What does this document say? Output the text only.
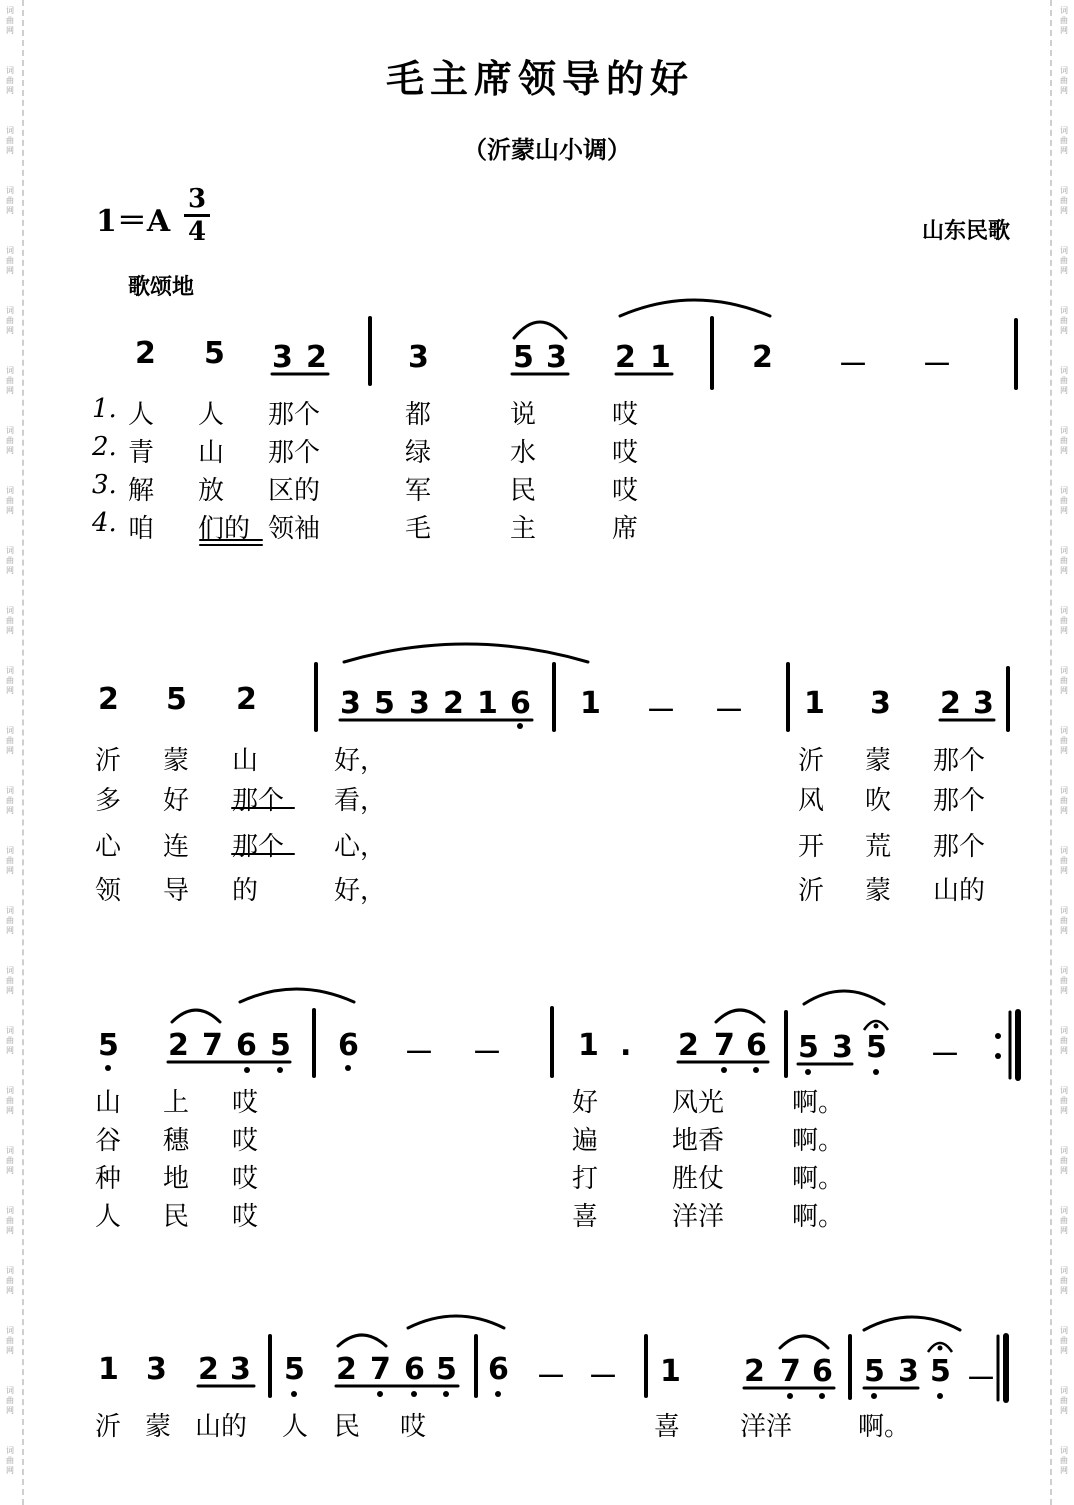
词
曲
网
词
曲
网
词
曲
网
词
曲
网
词
曲
网
词
曲
网
词
曲
网
词
曲
网
词
曲
网
词
曲
网
词
曲
网
词
曲
网
词
曲
网
词
曲
网
词
曲
网
词
曲
网
词
曲
网
词
曲
网
词
曲
网
词
曲
网
词
曲
网
词
曲
网
词
曲
网
词
曲
网
词
曲
网
词
曲
网
词
曲
网
词
曲
网
词
曲
网
词
曲
网
词
曲
网
词
曲
网
词
曲
网
词
曲
网
词
曲
网
词
曲
网
词
曲
网
词
曲
网
词
曲
网
词
曲
网
词
曲
网
词
曲
网
词
曲
网
词
曲
网
词
曲
网
词
曲
网
词
曲
网
词
曲
网
词
曲
网
词
曲
网
毛主席领导的好
（沂蒙山小调）
1＝A
3
4	山东民歌
歌颂地
2 5 3 2	3	5 3 2 1	2 － －
1. 人 人 那个	都	说	哎
2. 青 山 那个	绿	水	哎
3. 解 放 区的	军	民	哎
4. 咱 们的 领袖	毛	主	席
2 5 2	3 5 3 2 1 6 1 － － 1 3 2 3
沂 蒙 山	好，	沂 蒙 那个
多 好 那个 看，	风 吹 那个
心 连 那个 心，	开 荒 那个
领 导 的	好，	沂 蒙 山的
5 2 7 6 5 6 － －	1 . 2 7 6 5 3 5 －
山 上 哎	好	风光	啊。
谷 穗 哎	遍	地香	啊。
种 地 哎	打	胜仗	啊。
人 民 哎	喜	洋洋	啊。
1 3 2 3 5 2 7 6 5 6 － － 1 2 7 6 5 3 5 －
沂 蒙 山的 人 民 哎	喜 洋洋	啊。
